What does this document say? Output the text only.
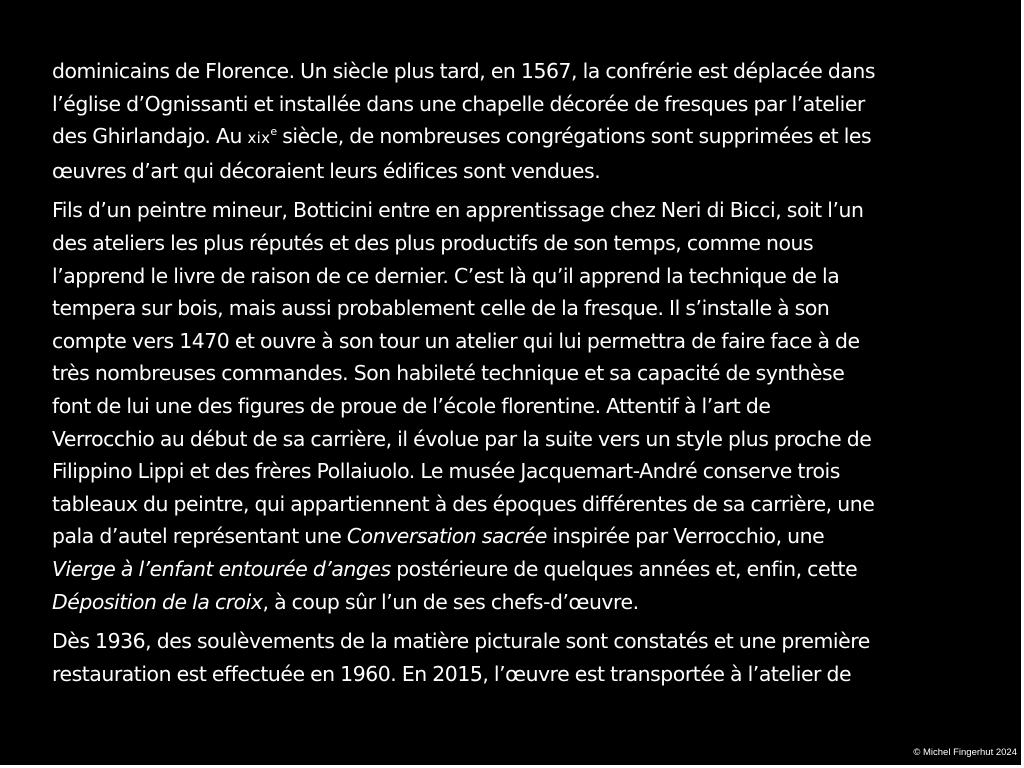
dominicains de Florence. Un siècle plus tard, en 1567, la confrérie est déplacée dans
l’église d’Ognissanti et installée dans une chapelle décorée de fresques par l’atelier
des Ghirlandajo. Au xix$^e$ siècle, de nombreuses congrégations sont supprimées et les
œuvres d’art qui décoraient leurs édifices sont vendues.

Fils d’un peintre mineur, Botticini entre en apprentissage chez Neri di Bicci, soit l’un
des ateliers les plus réputés et des plus productifs de son temps, comme nous
l’apprend le livre de raison de ce dernier. C’est là qu’il apprend la technique de la
tempera sur bois, mais aussi probablement celle de la fresque. Il s’installe à son
compte vers 1470 et ouvre à son tour un atelier qui lui permettra de faire face à de
très nombreuses commandes. Son habileté technique et sa capacité de synthèse
font de lui une des figures de proue de l’école florentine. Attentif à l’art de
Verrocchio au début de sa carrière, il évolue par la suite vers un style plus proche de
Filippino Lippi et des frères Pollaiuolo. Le musée Jacquemart-André conserve trois
tableaux du peintre, qui appartiennent à des époques différentes de sa carrière, une
pala d’autel représentant une Conversation sacrée inspirée par Verrocchio, une
Vierge à l’enfant entourée d’anges postérieure de quelques années et, enfin, cette
Déposition de la croix, à coup sûr l’un de ses chefs-d’œuvre.

Dès 1936, des soulèvements de la matière picturale sont constatés et une première
restauration est effectuée en 1960. En 2015, l’œuvre est transportée à l’atelier de

© Michel Fingerhut 2024
